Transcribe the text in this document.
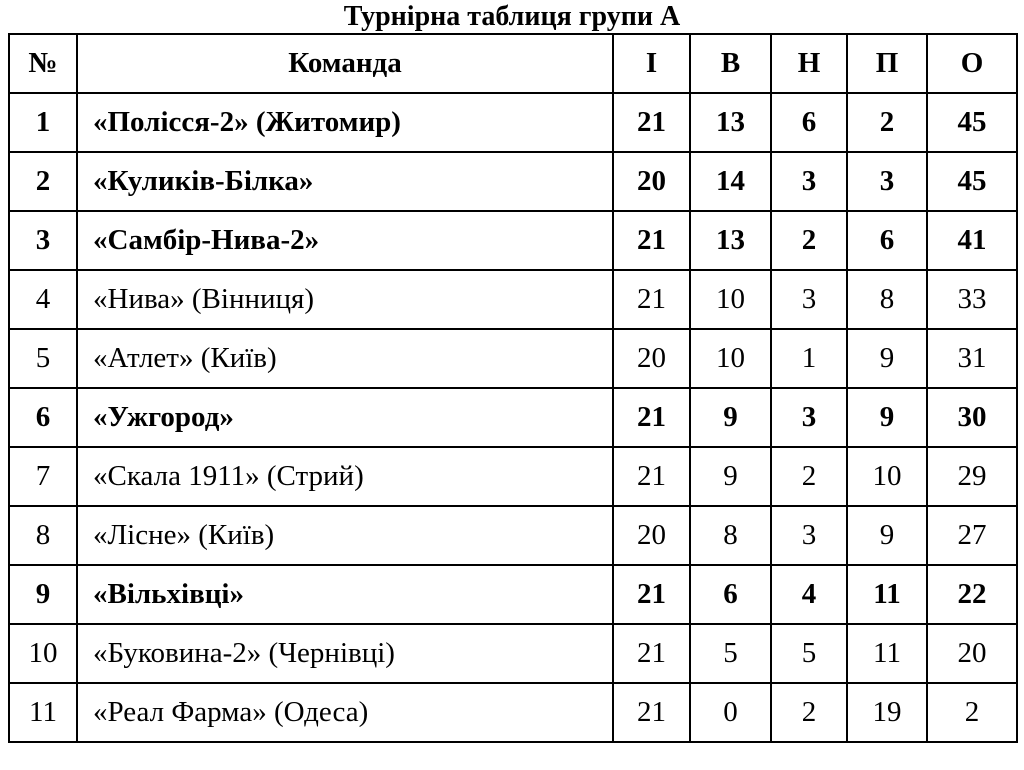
Турнірна таблиця групи А
№	Команда	І	В	Н	П	О
1	«Полісся-2» (Житомир)	21	13	6	2	45
2	«Куликів-Білка»	20	14	3	3	45
3	«Самбір-Нива-2»	21	13	2	6	41
4	«Нива» (Вінниця)	21	10	3	8	33
5	«Атлет» (Київ)	20	10	1	9	31
6	«Ужгород»	21	9	3	9	30
7	«Скала 1911» (Стрий)	21	9	2	10	29
8	«Лісне» (Київ)	20	8	3	9	27
9	«Вільхівці»	21	6	4	11	22
10	«Буковина-2» (Чернівці)	21	5	5	11	20
11	«Реал Фарма» (Одеса)	21	0	2	19	2
